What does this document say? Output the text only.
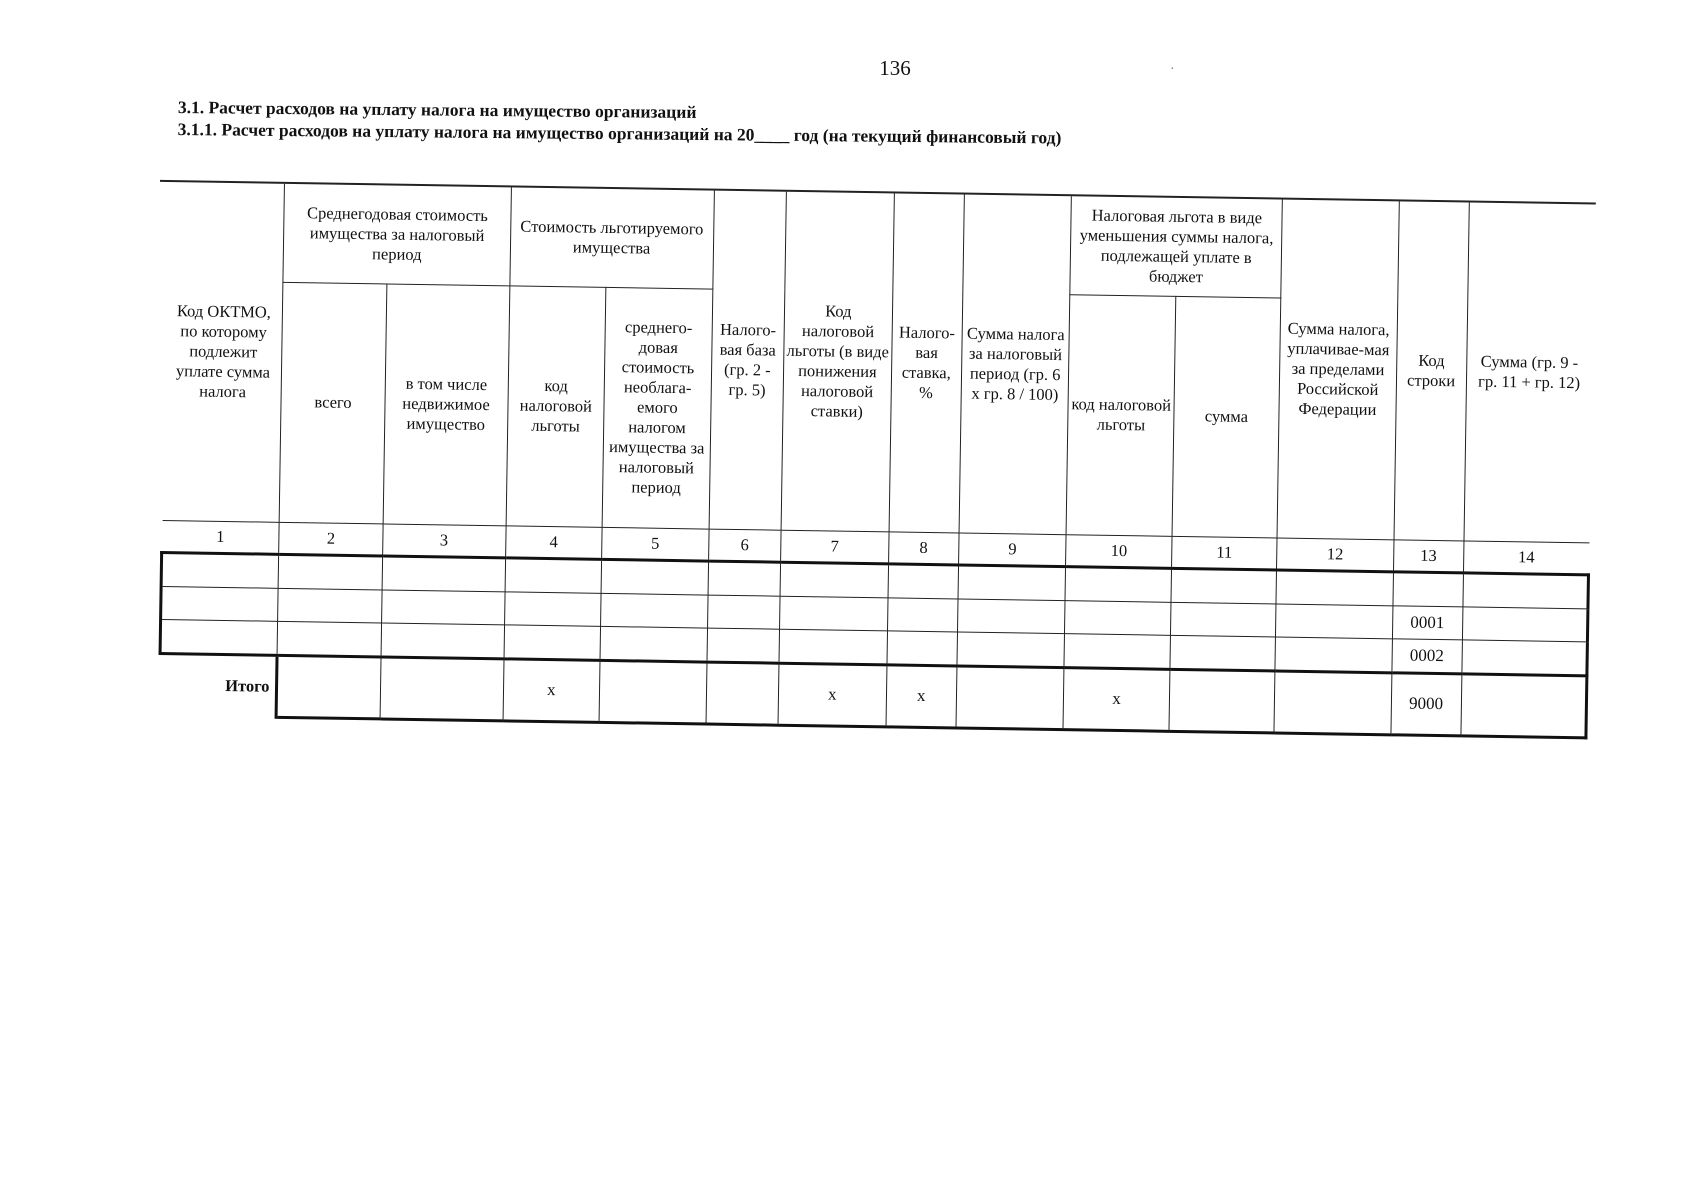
136	·
3.1. Расчет расходов на уплату налога на имущество организаций
3.1.1. Расчет расходов на уплату налога на имущество организаций на 20____ год (на текущий финансовый год)
Код ОКТМО, по которому подлежит уплате сумма налога	Среднегодовая стоимость имущества за налоговый период		Стоимость льготируемого имущества		Налого-вая база (гр. 2 - гр. 5)	Код налоговой льготы (в виде понижения налоговой ставки)	Налого-вая ставка, %	Сумма налога за налоговый период (гр. 6 х гр. 8 / 100)	Налоговая льгота в виде уменьшения суммы налога, подлежащей уплате в бюджет		Сумма налога, уплачивае-мая за пределами Российской Федерации	Код строки	Сумма (гр. 9 - гр. 11 + гр. 12)
	всего	в том числе недвижимое имущество	код налоговой льготы	среднего-довая стоимость необлага-емого налогом имущества за налоговый период					код налоговой льготы	сумма			
1	2	3	4	5	6	7	8	9	10	11	12	13	14

												0001	
												0002	
Итого			x			x	x		x			9000	
